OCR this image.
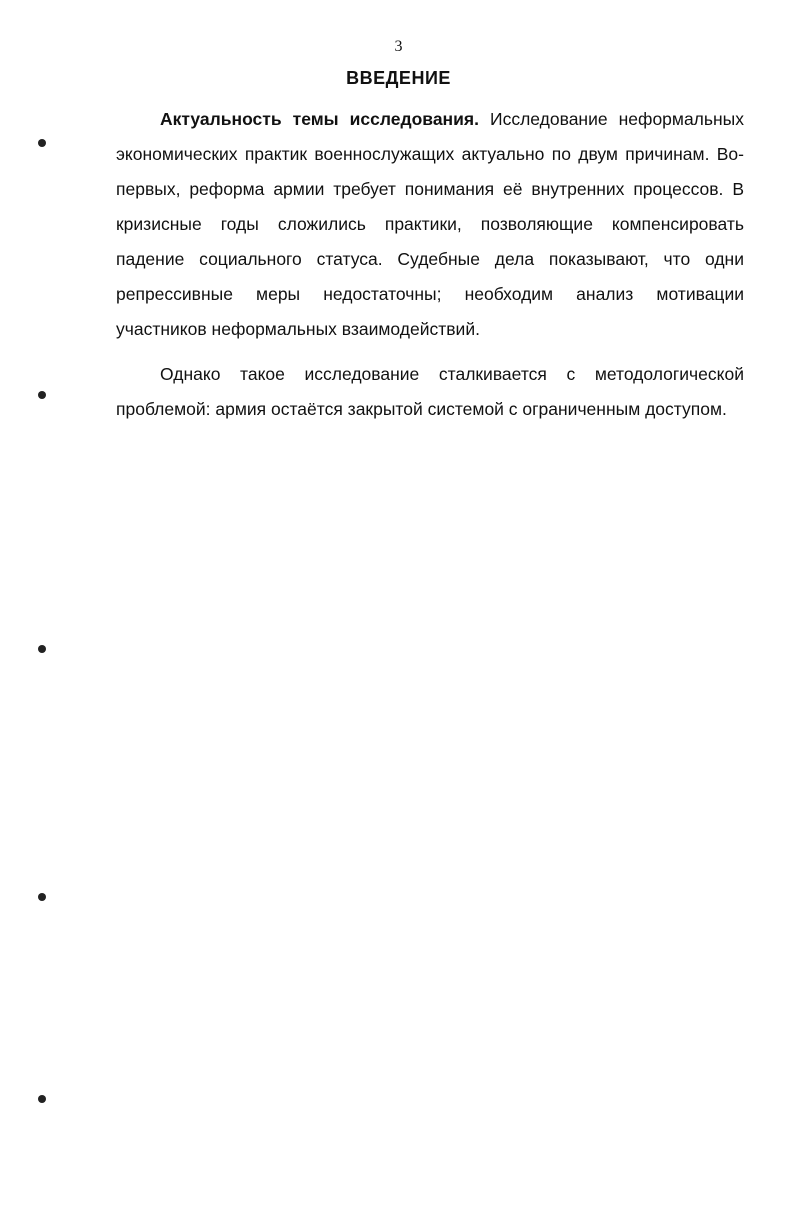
3
ВВЕДЕНИЕ

Актуальность темы исследования. Исследование неформальных экономических практик военнослужащих актуально по двум причинам. Во-первых, реформа армии требует понимания её внутренних процессов. В кризисные годы сложились практики, позволяющие компенсировать падение социального статуса. Судебные дела показывают, что одни репрессивные меры недостаточны; необходим анализ мотивации участников неформальных взаимодействий.

Однако такое исследование сталкивается с методологической проблемой: армия остаётся закрытой системой с ограниченным доступом.
